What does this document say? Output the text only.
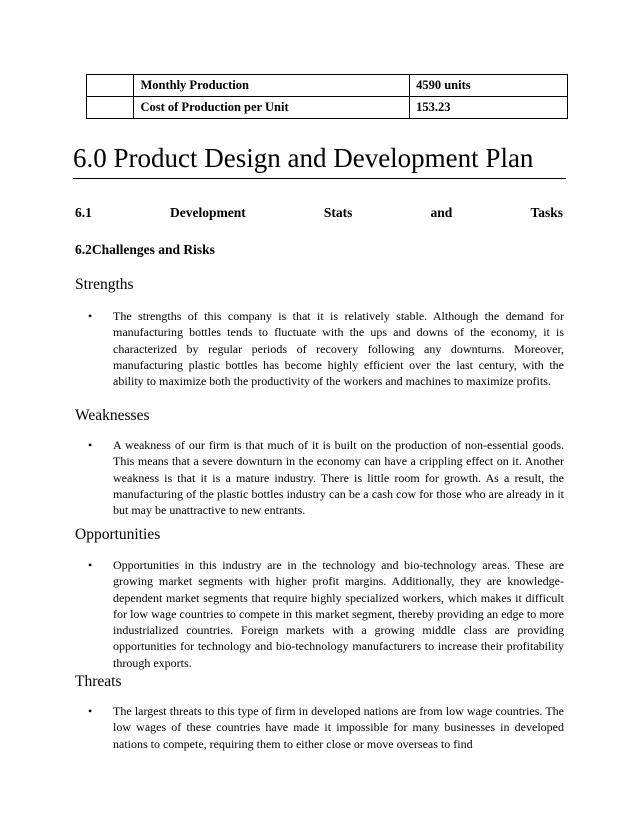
	Monthly Production	4590 units
	Cost of Production per Unit	153.23
6.0 Product Design and Development Plan
6.1	Development	Stats	and	Tasks
6.2Challenges and Risks
Strengths
• The strengths of this company is that it is relatively stable. Although the demand for manufacturing bottles tends to fluctuate with the ups and downs of the economy, it is characterized by regular periods of recovery following any downturns. Moreover, manufacturing plastic bottles has become highly efficient over the last century, with the ability to maximize both the productivity of the workers and machines to maximize profits.

Weaknesses
• A weakness of our firm is that much of it is built on the production of non-essential goods. This means that a severe downturn in the economy can have a crippling effect on it. Another weakness is that it is a mature industry. There is little room for growth. As a result, the manufacturing of the plastic bottles industry can be a cash cow for those who are already in it but may be unattractive to new entrants.

Opportunities
• Opportunities in this industry are in the technology and bio-technology areas. These are growing market segments with higher profit margins. Additionally, they are knowledge-dependent market segments that require highly specialized workers, which makes it difficult for low wage countries to compete in this market segment, thereby providing an edge to more industrialized countries. Foreign markets with a growing middle class are providing opportunities for technology and bio-technology manufacturers to increase their profitability through exports.

Threats
• The largest threats to this type of firm in developed nations are from low wage countries. The low wages of these countries have made it impossible for many businesses in developed nations to compete, requiring them to either close or move overseas to find
